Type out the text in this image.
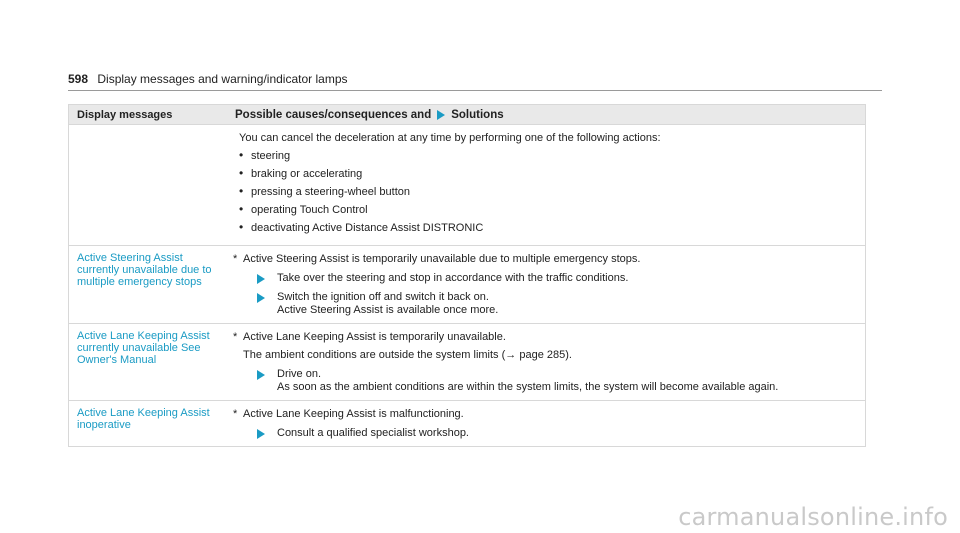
598 Display messages and warning/indicator lamps
Display messages	Possible causes/consequences and Solutions
You can cancel the deceleration at any time by performing one of the following actions:
• steering
• braking or accelerating
• pressing a steering-wheel button
• operating Touch Control
• deactivating Active Distance Assist DISTRONIC
Active Steering Assist currently unavailable due to multiple emergency stops
* Active Steering Assist is temporarily unavailable due to multiple emergency stops.
Take over the steering and stop in accordance with the traffic conditions.
Switch the ignition off and switch it back on.
Active Steering Assist is available once more.
Active Lane Keeping Assist currently unavailable See Owner's Manual
* Active Lane Keeping Assist is temporarily unavailable.
The ambient conditions are outside the system limits (→ page 285).
Drive on.
As soon as the ambient conditions are within the system limits, the system will become available again.
Active Lane Keeping Assist inoperative
* Active Lane Keeping Assist is malfunctioning.
Consult a qualified specialist workshop.
carmanualsonline.info
